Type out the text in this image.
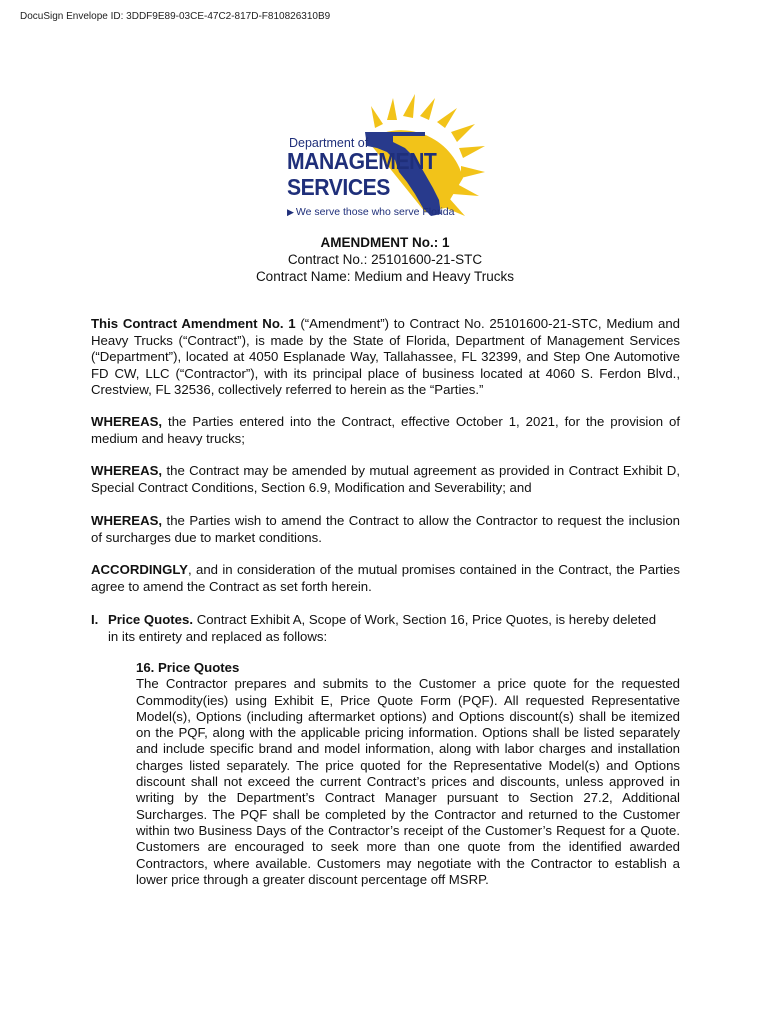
DocuSign Envelope ID: 3DDF9E89-03CE-47C2-817D-F810826310B9
Department of
MANAGEMENT
SERVICES
▶ We serve those who serve Florida
AMENDMENT No.: 1
Contract No.: 25101600-21-STC
Contract Name: Medium and Heavy Trucks
This Contract Amendment No. 1 (“Amendment”) to Contract No. 25101600-21-STC, Medium and Heavy Trucks (“Contract”), is made by the State of Florida, Department of Management Services (“Department”), located at 4050 Esplanade Way, Tallahassee, FL 32399, and Step One Automotive FD CW, LLC (“Contractor”), with its principal place of business located at 4060 S. Ferdon Blvd., Crestview, FL 32536, collectively referred to herein as the “Parties.”
WHEREAS, the Parties entered into the Contract, effective October 1, 2021, for the provision of medium and heavy trucks;
WHEREAS, the Contract may be amended by mutual agreement as provided in Contract Exhibit D, Special Contract Conditions, Section 6.9, Modification and Severability; and
WHEREAS, the Parties wish to amend the Contract to allow the Contractor to request the inclusion of surcharges due to market conditions.
ACCORDINGLY, and in consideration of the mutual promises contained in the Contract, the Parties agree to amend the Contract as set forth herein.
I. Price Quotes. Contract Exhibit A, Scope of Work, Section 16, Price Quotes, is hereby deleted
in its entirety and replaced as follows:
16. Price Quotes
The Contractor prepares and submits to the Customer a price quote for the requested Commodity(ies) using Exhibit E, Price Quote Form (PQF). All requested Representative Model(s), Options (including aftermarket options) and Options discount(s) shall be itemized on the PQF, along with the applicable pricing information. Options shall be listed separately and include specific brand and model information, along with labor charges and installation charges listed separately. The price quoted for the Representative Model(s) and Options discount shall not exceed the current Contract’s prices and discounts, unless approved in writing by the Department’s Contract Manager pursuant to Section 27.2, Additional Surcharges. The PQF shall be completed by the Contractor and returned to the Customer within two Business Days of the Contractor’s receipt of the Customer’s Request for a Quote. Customers are encouraged to seek more than one quote from the identified awarded Contractors, where available. Customers may negotiate with the Contractor to establish a lower price through a greater discount percentage off MSRP.
